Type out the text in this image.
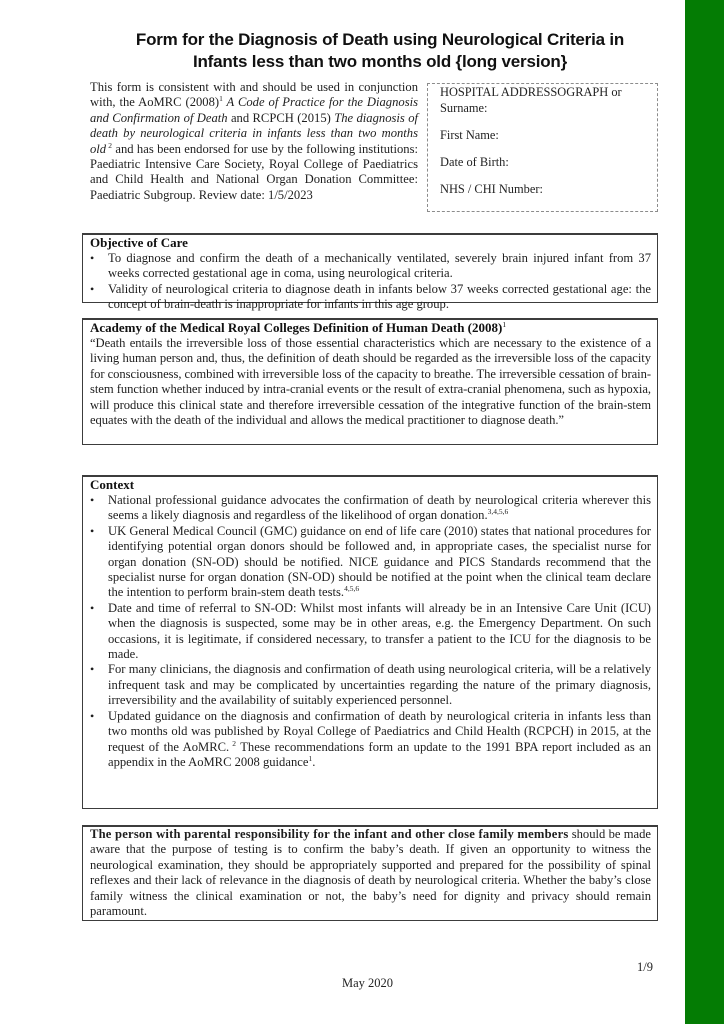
Form for the Diagnosis of Death using Neurological Criteria in
Infants less than two months old {long version}
This form is consistent with and should be used in conjunction with, the AoMRC $(2008)^1$ A Code of Practice for the Diagnosis and Confirmation of Death and RCPCH (2015) The diagnosis of death by neurological criteria in infants less than two months old $^2$ and has been endorsed for use by the following institutions: Paediatric Intensive Care Society, Royal College of Paediatrics and Child Health and National Organ Donation Committee: Paediatric Subgroup. Review date: 1/5/2023
HOSPITAL ADDRESSOGRAPH or
Surname:
First Name:
Date of Birth:
NHS / CHI Number:
Objective of Care
• To diagnose and confirm the death of a mechanically ventilated, severely brain injured infant from 37 weeks corrected gestational age in coma, using neurological criteria.
• Validity of neurological criteria to diagnose death in infants below 37 weeks corrected gestational age: the concept of brain-death is inappropriate for infants in this age group.
Academy of the Medical Royal Colleges Definition of Human Death $(2008)^1$

“Death entails the irreversible loss of those essential characteristics which are necessary to the existence of a living human person and, thus, the definition of death should be regarded as the irreversible loss of the capacity for consciousness, combined with irreversible loss of the capacity to breathe. The irreversible cessation of brain-stem function whether induced by intra-cranial events or the result of extra-cranial phenomena, such as hypoxia, will produce this clinical state and therefore irreversible cessation of the integrative function of the brain-stem equates with the death of the individual and allows the medical practitioner to diagnose death.”

Context
• National professional guidance advocates the confirmation of death by neurological criteria wherever this seems a likely diagnosis and regardless of the likelihood of organ donation.$^{3,4,5,6}$
• UK General Medical Council (GMC) guidance on end of life care (2010) states that national procedures for identifying potential organ donors should be followed and, in appropriate cases, the specialist nurse for organ donation (SN-OD) should be notified. NICE guidance and PICS Standards recommend that the specialist nurse for organ donation (SN-OD) should be notified at the point when the clinical team declare the intention to perform brain-stem death tests.$^{4,5,6}$
• Date and time of referral to SN-OD: Whilst most infants will already be in an Intensive Care Unit (ICU) when the diagnosis is suspected, some may be in other areas, e.g. the Emergency Department. On such occasions, it is legitimate, if considered necessary, to transfer a patient to the ICU for the diagnosis to be made.
• For many clinicians, the diagnosis and confirmation of death using neurological criteria, will be a relatively infrequent task and may be complicated by uncertainties regarding the nature of the primary diagnosis, irreversibility and the availability of suitably experienced personnel.
• Updated guidance on the diagnosis and confirmation of death by neurological criteria in infants less than two months old was published by Royal College of Paediatrics and Child Health (RCPCH) in 2015, at the request of the AoMRC. $^2$ These recommendations form an update to the 1991 BPA report included as an appendix in the AoMRC 2008 guidance$^1$.

The person with parental responsibility for the infant and other close family members should be made aware that the purpose of testing is to confirm the baby’s death. If given an opportunity to witness the neurological examination, they should be appropriately supported and prepared for the possibility of spinal reflexes and their lack of relevance in the diagnosis of death by neurological criteria. Whether the baby’s close family witness the clinical examination or not, the baby’s need for dignity and privacy should remain paramount.

1/9
May 2020
